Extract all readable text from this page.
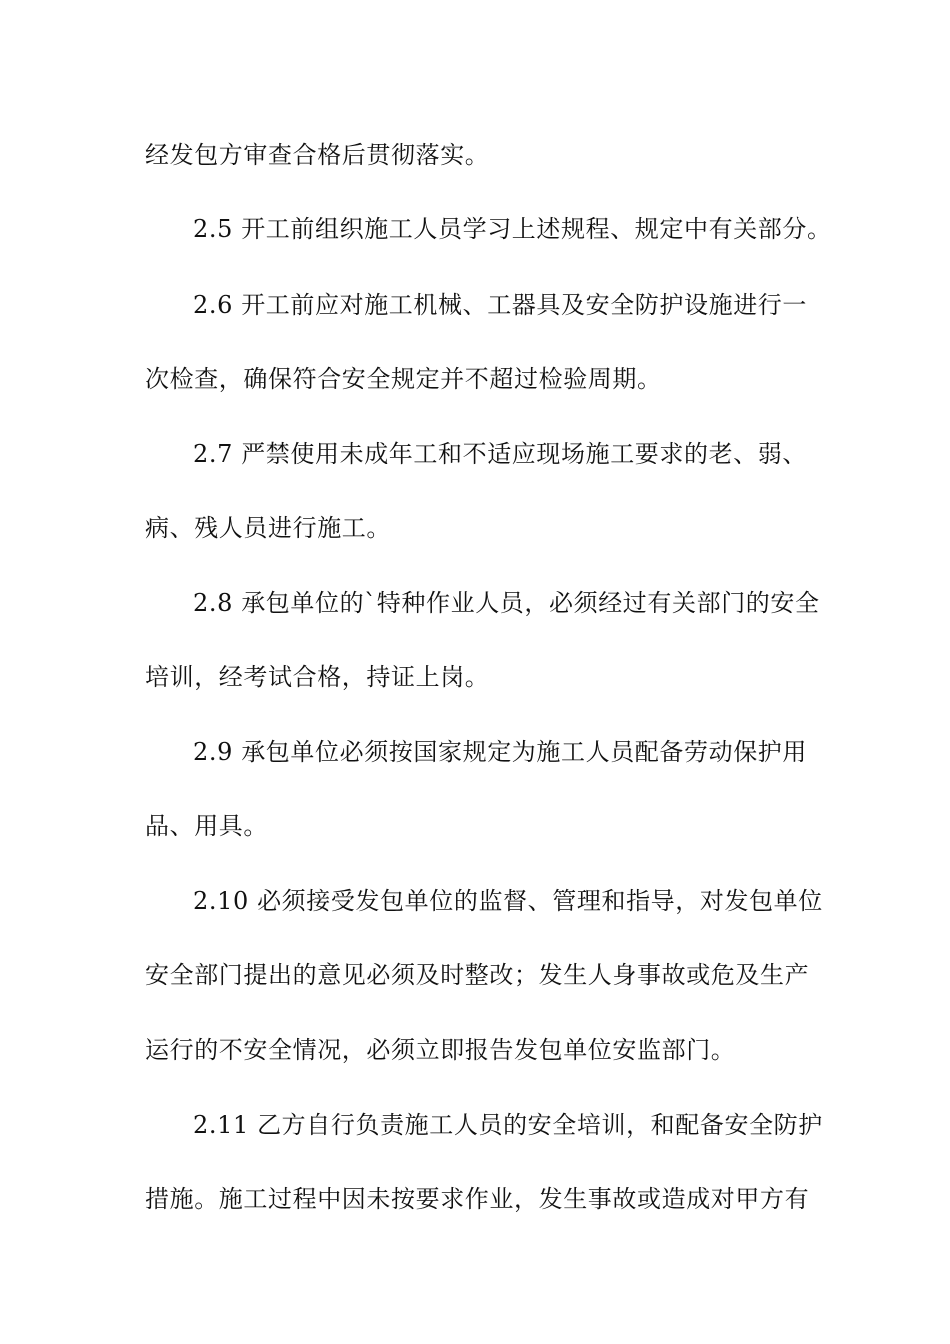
经发包方审查合格后贯彻落实。
2.5 开工前组织施工人员学习上述规程、规定中有关部分。
2.6 开工前应对施工机械、工器具及安全防护设施进行一
次检查，确保符合安全规定并不超过检验周期。
2.7 严禁使用未成年工和不适应现场施工要求的老、弱、
病、残人员进行施工。
2.8 承包单位的`特种作业人员，必须经过有关部门的安全
培训，经考试合格，持证上岗。
2.9 承包单位必须按国家规定为施工人员配备劳动保护用
品、用具。
2.10 必须接受发包单位的监督、管理和指导，对发包单位
安全部门提出的意见必须及时整改；发生人身事故或危及生产
运行的不安全情况，必须立即报告发包单位安监部门。
2.11 乙方自行负责施工人员的安全培训，和配备安全防护
措施。施工过程中因未按要求作业，发生事故或造成对甲方有
